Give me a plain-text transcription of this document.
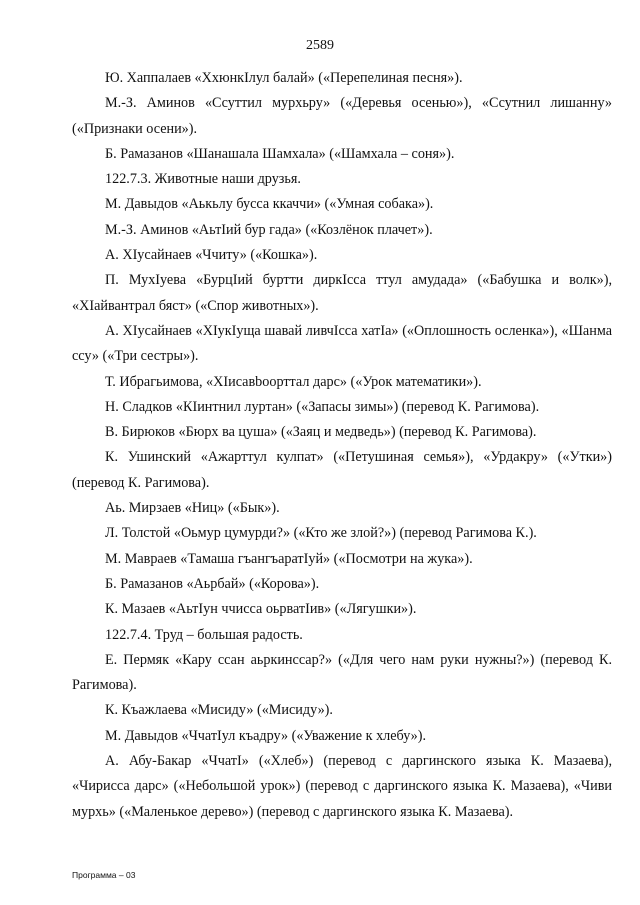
2589

Ю. Хаппалаев «ХхюнкIлул балай» («Перепелиная песня»).

М.-З. Аминов «Ссуттил мурхьру» («Деревья осенью»), «Ссутнил лишанну» («Признаки осени»).

Б. Рамазанов «Шанашала Шамхала» («Шамхала – соня»).

122.7.3. Животные наши друзья.

М. Давыдов «Аькьлу бусса ккаччи» («Умная собака»).

М.-З. Аминов «АьтIий бур гада» («Козлёнок плачет»).

А. ХIусайнаев «Ччиту» («Кошка»).

П. МухIуева «БурцIий буртти диркIсса ттул амудада» («Бабушка и волк»), «ХIайвантрал бяст» («Спор животных»).

А. ХIусайнаев «ХIукIуща шавай ливчIсса хатIа» («Оплошность осленка»), «Шанма ссу» («Три сестры»).

Т. Ибрагьимова, «ХIисавbooрттал дарс» («Урок математики»).

Н. Сладков «КIинтнил луртан» («Запасы зимы») (перевод К. Рагимова).

В. Бирюков «Бюрх ва цуша» («Заяц и медведь») (перевод К. Рагимова).

К. Ушинский «Ажарттул кулпат» («Петушиная семья»), «Урдакру» («Утки») (перевод К. Рагимова).

Аь. Мирзаев «Ниц» («Бык»).

Л. Толстой «Оьмур цумурди?» («Кто же злой?») (перевод Рагимова К.).

М. Мавраев «Тамаша гъангъаратIуй» («Посмотри на жука»).

Б. Рамазанов «Аьрбай» («Корова»).

К. Мазаев «АьтIун ччисса оьрватIив» («Лягушки»).

122.7.4. Труд – большая радость.

Е. Пермяк «Кару ссан аьркинссар?» («Для чего нам руки нужны?») (перевод К. Рагимова).

К. Къажлаева «Мисиду» («Мисиду»).

М. Давыдов «ЧчатIул къадру» («Уважение к хлебу»).

А. Абу-Бакар «ЧчатI» («Хлеб») (перевод с даргинского языка К. Мазаева), «Чирисса дарс» («Небольшой урок») (перевод с даргинского языка К. Мазаева), «Чиви мурхь» («Маленькое дерево») (перевод с даргинского языка К. Мазаева).

Программа – 03
